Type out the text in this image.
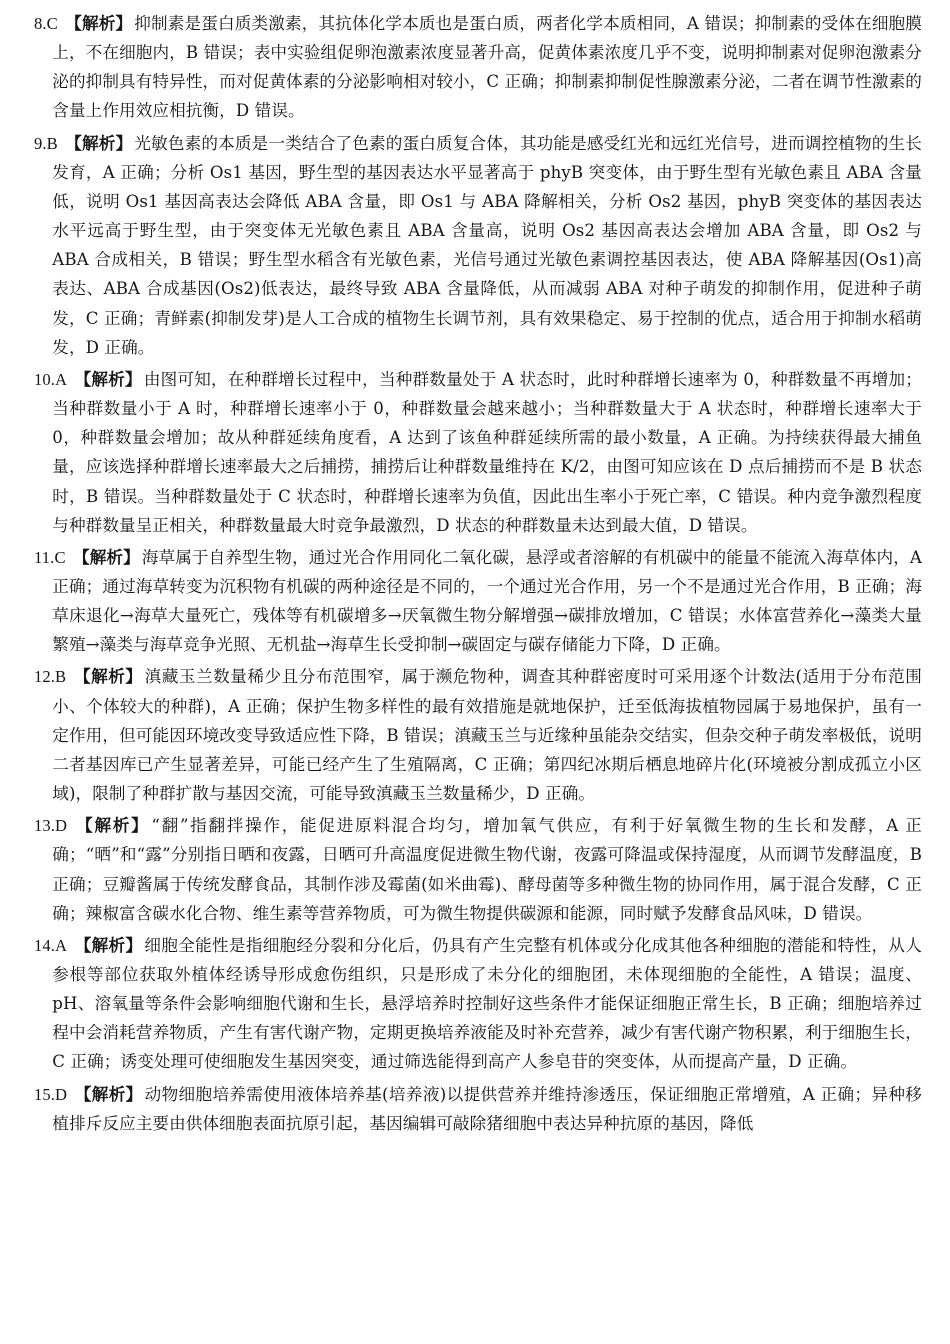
8.C 【解析】 抑制素是蛋白质类激素，其抗体化学本质也是蛋白质，两者化学本质相同，A 错误；抑制素的受体在细胞膜上，不在细胞内，B 错误；表中实验组促卵泡激素浓度显著升高，促黄体素浓度几乎不变，说明抑制素对促卵泡激素分泌的抑制具有特异性，而对促黄体素的分泌影响相对较小，C 正确；抑制素抑制促性腺激素分泌，二者在调节性激素的含量上作用效应相抗衡，D 错误。
9.B 【解析】 光敏色素的本质是一类结合了色素的蛋白质复合体，其功能是感受红光和远红光信号，进而调控植物的生长发育，A 正确；分析 Os1 基因，野生型的基因表达水平显著高于 phyB 突变体，由于野生型有光敏色素且 ABA 含量低，说明 Os1 基因高表达会降低 ABA 含量，即 Os1 与 ABA 降解相关，分析 Os2 基因，phyB 突变体的基因表达水平远高于野生型，由于突变体无光敏色素且 ABA 含量高，说明 Os2 基因高表达会增加 ABA 含量，即 Os2 与 ABA 合成相关，B 错误；野生型水稻含有光敏色素，光信号通过光敏色素调控基因表达，使 ABA 降解基因(Os1)高表达、ABA 合成基因(Os2)低表达，最终导致 ABA 含量降低，从而减弱 ABA 对种子萌发的抑制作用，促进种子萌发，C 正确；青鲜素(抑制发芽)是人工合成的植物生长调节剂，具有效果稳定、易于控制的优点，适合用于抑制水稻萌发，D 正确。
10.A 【解析】 由图可知，在种群增长过程中，当种群数量处于 A 状态时，此时种群增长速率为 0，种群数量不再增加；当种群数量小于 A 时，种群增长速率小于 0，种群数量会越来越小；当种群数量大于 A 状态时，种群增长速率大于 0，种群数量会增加；故从种群延续角度看，A 达到了该鱼种群延续所需的最小数量，A 正确。为持续获得最大捕鱼量，应该选择种群增长速率最大之后捕捞，捕捞后让种群数量维持在 K/2，由图可知应该在 D 点后捕捞而不是 B 状态时，B 错误。当种群数量处于 C 状态时，种群增长速率为负值，因此出生率小于死亡率，C 错误。种内竞争激烈程度与种群数量呈正相关，种群数量最大时竞争最激烈，D 状态的种群数量未达到最大值，D 错误。
11.C 【解析】 海草属于自养型生物，通过光合作用同化二氧化碳，悬浮或者溶解的有机碳中的能量不能流入海草体内，A 正确；通过海草转变为沉积物有机碳的两种途径是不同的，一个通过光合作用，另一个不是通过光合作用，B 正确；海草床退化→海草大量死亡，残体等有机碳增多→厌氧微生物分解增强→碳排放增加，C 错误；水体富营养化→藻类大量繁殖→藻类与海草竞争光照、无机盐→海草生长受抑制→碳固定与碳存储能力下降，D 正确。
12.B 【解析】 滇藏玉兰数量稀少且分布范围窄，属于濒危物种，调查其种群密度时可采用逐个计数法(适用于分布范围小、个体较大的种群)，A 正确；保护生物多样性的最有效措施是就地保护，迁至低海拔植物园属于易地保护，虽有一定作用，但可能因环境改变导致适应性下降，B 错误；滇藏玉兰与近缘种虽能杂交结实，但杂交种子萌发率极低，说明二者基因库已产生显著差异，可能已经产生了生殖隔离，C 正确；第四纪冰期后栖息地碎片化(环境被分割成孤立小区域)，限制了种群扩散与基因交流，可能导致滇藏玉兰数量稀少，D 正确。
13.D 【解析】 “翻”指翻拌操作，能促进原料混合均匀，增加氧气供应，有利于好氧微生物的生长和发酵，A 正确；“晒”和“露”分别指日晒和夜露，日晒可升高温度促进微生物代谢，夜露可降温或保持湿度，从而调节发酵温度，B 正确；豆瓣酱属于传统发酵食品，其制作涉及霉菌(如米曲霉)、酵母菌等多种微生物的协同作用，属于混合发酵，C 正确；辣椒富含碳水化合物、维生素等营养物质，可为微生物提供碳源和能源，同时赋予发酵食品风味，D 错误。
14.A 【解析】 细胞全能性是指细胞经分裂和分化后，仍具有产生完整有机体或分化成其他各种细胞的潜能和特性，从人参根等部位获取外植体经诱导形成愈伤组织，只是形成了未分化的细胞团，未体现细胞的全能性，A 错误；温度、pH、溶氧量等条件会影响细胞代谢和生长，悬浮培养时控制好这些条件才能保证细胞正常生长，B 正确；细胞培养过程中会消耗营养物质，产生有害代谢产物，定期更换培养液能及时补充营养，减少有害代谢产物积累，利于细胞生长，C 正确；诱变处理可使细胞发生基因突变，通过筛选能得到高产人参皂苷的突变体，从而提高产量，D 正确。
15.D 【解析】 动物细胞培养需使用液体培养基(培养液)以提供营养并维持渗透压，保证细胞正常增殖，A 正确；异种移植排斥反应主要由供体细胞表面抗原引起，基因编辑可敲除猪细胞中表达异种抗原的基因，降低
